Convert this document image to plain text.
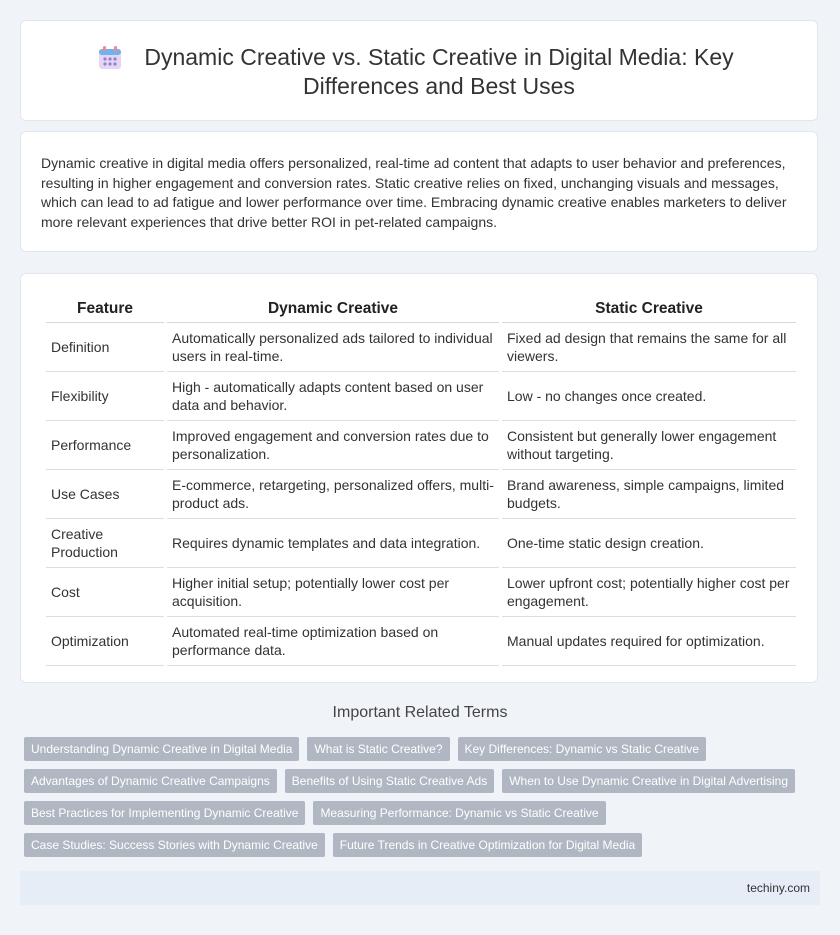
Dynamic Creative vs. Static Creative in Digital Media: Key Differences and Best Uses

Dynamic creative in digital media offers personalized, real-time ad content that adapts to user behavior and preferences, resulting in higher engagement and conversion rates. Static creative relies on fixed, unchanging visuals and messages, which can lead to ad fatigue and lower performance over time. Embracing dynamic creative enables marketers to deliver more relevant experiences that drive better ROI in pet-related campaigns.

Feature	Dynamic Creative	Static Creative
Definition	Automatically personalized ads tailored to individual users in real-time.	Fixed ad design that remains the same for all viewers.
Flexibility	High - automatically adapts content based on user data and behavior.	Low - no changes once created.
Performance	Improved engagement and conversion rates due to personalization.	Consistent but generally lower engagement without targeting.
Use Cases	E-commerce, retargeting, personalized offers, multi-product ads.	Brand awareness, simple campaigns, limited budgets.
Creative Production	Requires dynamic templates and data integration.	One-time static design creation.
Cost	Higher initial setup; potentially lower cost per acquisition.	Lower upfront cost; potentially higher cost per engagement.
Optimization	Automated real-time optimization based on performance data.	Manual updates required for optimization.
Important Related Terms
Understanding Dynamic Creative in Digital Media What is Static Creative? Key Differences: Dynamic vs Static Creative
Advantages of Dynamic Creative Campaigns Benefits of Using Static Creative Ads When to Use Dynamic Creative in Digital Advertising
Best Practices for Implementing Dynamic Creative Measuring Performance: Dynamic vs Static Creative
Case Studies: Success Stories with Dynamic Creative Future Trends in Creative Optimization for Digital Media
techiny.com
